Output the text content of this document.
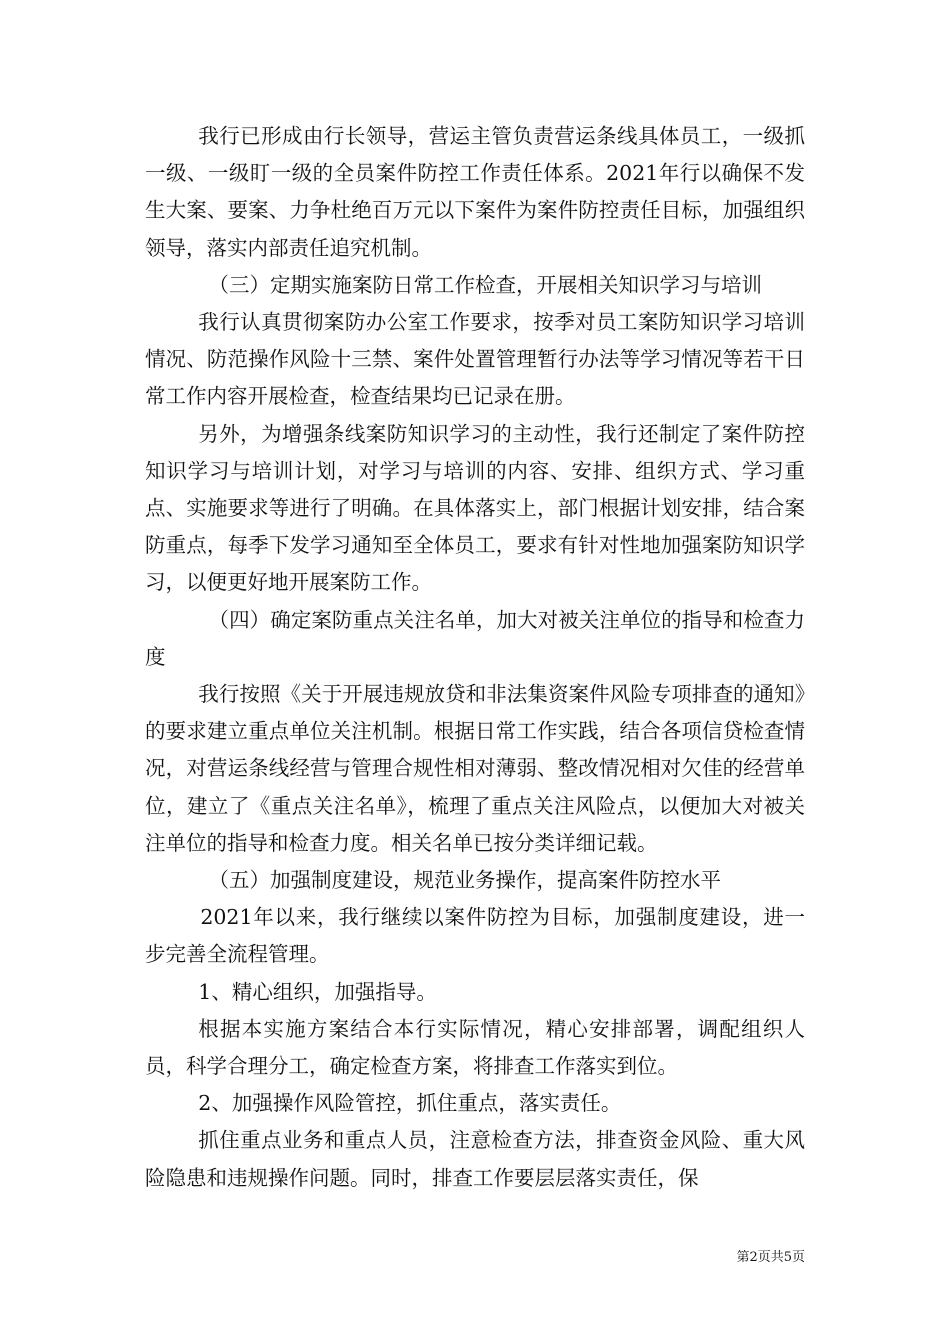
我行已形成由行长领导，营运主管负责营运条线具体员工，一级抓一级、一级盯一级的全员案件防控工作责任体系。2021年行以确保不发生大案、要案、力争杜绝百万元以下案件为案件防控责任目标，加强组织领导，落实内部责任追究机制。

（三）定期实施案防日常工作检查，开展相关知识学习与培训

我行认真贯彻案防办公室工作要求，按季对员工案防知识学习培训情况、防范操作风险十三禁、案件处置管理暂行办法等学习情况等若干日常工作内容开展检查，检查结果均已记录在册。

另外，为增强条线案防知识学习的主动性，我行还制定了案件防控知识学习与培训计划，对学习与培训的内容、安排、组织方式、学习重点、实施要求等进行了明确。在具体落实上，部门根据计划安排，结合案防重点，每季下发学习通知至全体员工，要求有针对性地加强案防知识学习，以便更好地开展案防工作。

（四）确定案防重点关注名单，加大对被关注单位的指导和检查力度

我行按照《关于开展违规放贷和非法集资案件风险专项排查的通知》的要求建立重点单位关注机制。根据日常工作实践，结合各项信贷检查情况，对营运条线经营与管理合规性相对薄弱、整改情况相对欠佳的经营单位，建立了《重点关注名单》，梳理了重点关注风险点，以便加大对被关注单位的指导和检查力度。相关名单已按分类详细记载。

（五）加强制度建设，规范业务操作，提高案件防控水平

2021年以来，我行继续以案件防控为目标，加强制度建设，进一步完善全流程管理。

1、精心组织，加强指导。

根据本实施方案结合本行实际情况，精心安排部署，调配组织人员，科学合理分工，确定检查方案，将排查工作落实到位。

2、加强操作风险管控，抓住重点，落实责任。

抓住重点业务和重点人员，注意检查方法，排查资金风险、重大风险隐患和违规操作问题。同时，排查工作要层层落实责任，保

第2页共5页
